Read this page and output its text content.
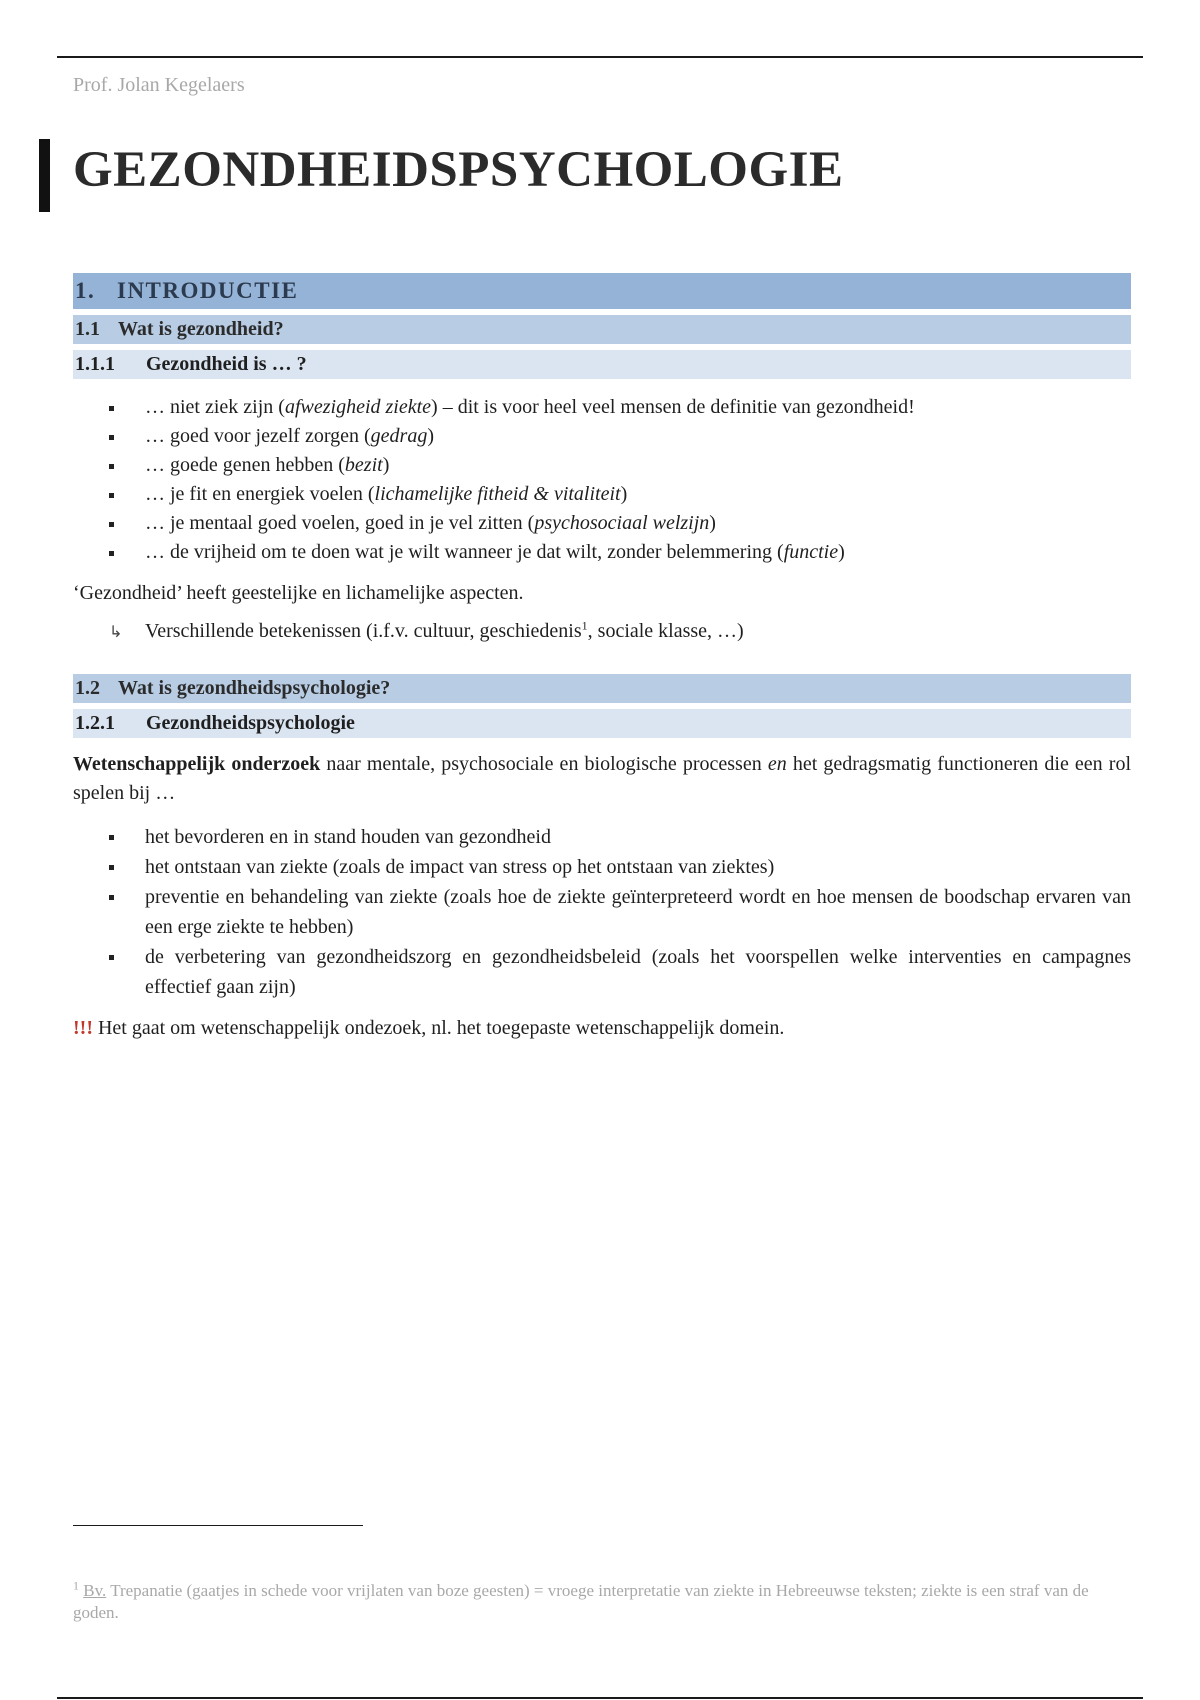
Prof. Jolan Kegelaers
GEZONDHEIDSPSYCHOLOGIE
1. INTRODUCTIE
1.1 Wat is gezondheid?
1.1.1 Gezondheid is … ?
… niet ziek zijn (afwezigheid ziekte) – dit is voor heel veel mensen de definitie van gezondheid!
… goed voor jezelf zorgen (gedrag)
… goede genen hebben (bezit)
… je fit en energiek voelen (lichamelijke fitheid & vitaliteit)
… je mentaal goed voelen, goed in je vel zitten (psychosociaal welzijn)
… de vrijheid om te doen wat je wilt wanneer je dat wilt, zonder belemmering (functie)
‘Gezondheid’ heeft geestelijke en lichamelijke aspecten.
↳ Verschillende betekenissen (i.f.v. cultuur, geschiedenis$^1$, sociale klasse, …)
1.2 Wat is gezondheidspsychologie?
1.2.1 Gezondheidspsychologie
Wetenschappelijk onderzoek naar mentale, psychosociale en biologische processen en het gedragsmatig functioneren die een rol spelen bij …
het bevorderen en in stand houden van gezondheid
het ontstaan van ziekte (zoals de impact van stress op het ontstaan van ziektes)
preventie en behandeling van ziekte (zoals hoe de ziekte geïnterpreteerd wordt en hoe mensen de boodschap ervaren van een erge ziekte te hebben)
de verbetering van gezondheidszorg en gezondheidsbeleid (zoals het voorspellen welke interventies en campagnes effectief gaan zijn)
!!! Het gaat om wetenschappelijk ondezoek, nl. het toegepaste wetenschappelijk domein.
$^1$ Bv. Trepanatie (gaatjes in schede voor vrijlaten van boze geesten) = vroege interpretatie van ziekte in Hebreeuwse teksten; ziekte is een straf van de goden.
